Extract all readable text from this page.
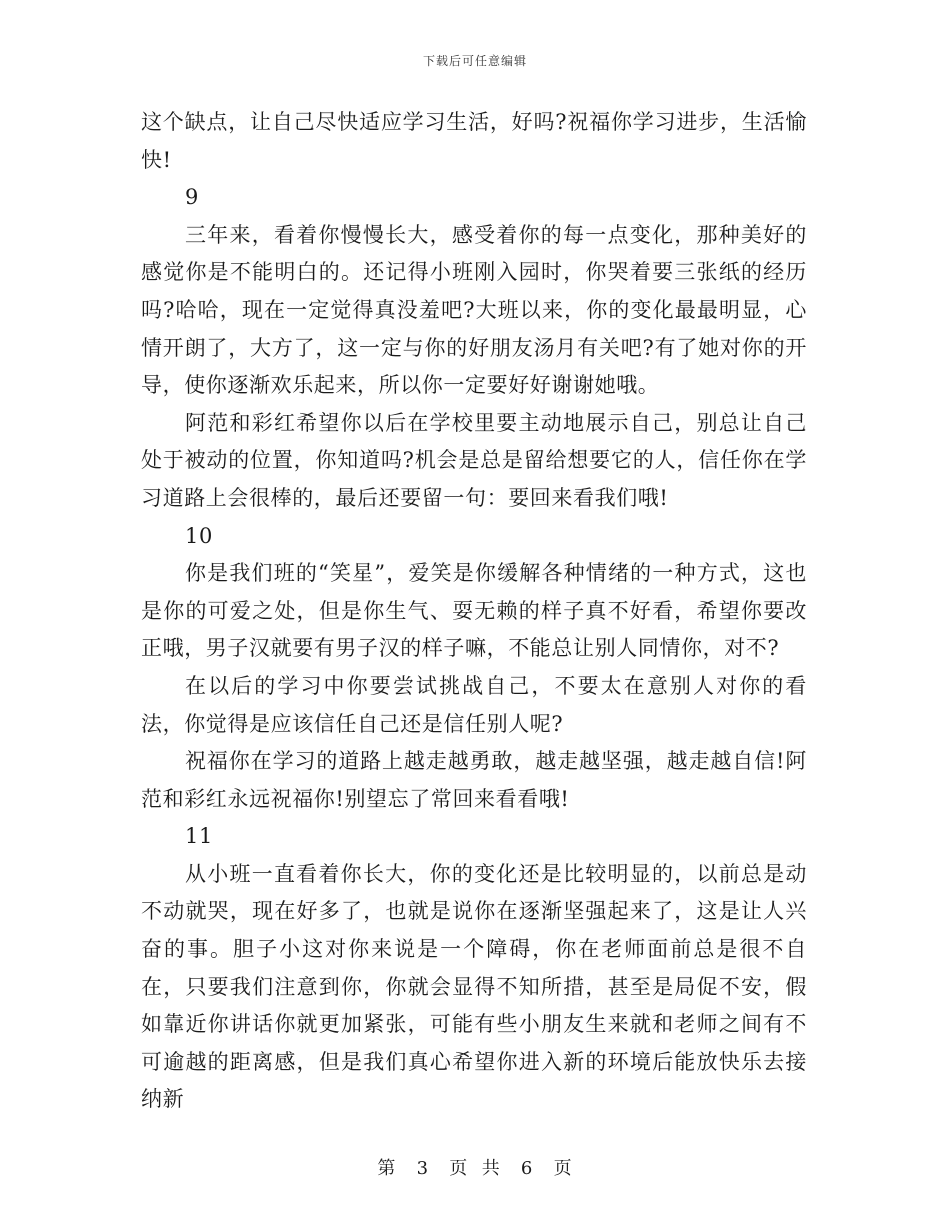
下载后可任意编辑

这个缺点，让自己尽快适应学习生活，好吗?祝福你学习进步，生活愉快!

9

三年来，看着你慢慢长大，感受着你的每一点变化，那种美好的感觉你是不能明白的。还记得小班刚入园时，你哭着要三张纸的经历吗?哈哈，现在一定觉得真没羞吧?大班以来，你的变化最最明显，心情开朗了，大方了，这一定与你的好朋友汤月有关吧?有了她对你的开导，使你逐渐欢乐起来，所以你一定要好好谢谢她哦。

阿范和彩红希望你以后在学校里要主动地展示自己，别总让自己处于被动的位置，你知道吗?机会是总是留给想要它的人，信任你在学习道路上会很棒的，最后还要留一句：要回来看我们哦!

10

你是我们班的“笑星”，爱笑是你缓解各种情绪的一种方式，这也是你的可爱之处，但是你生气、耍无赖的样子真不好看，希望你要改正哦，男子汉就要有男子汉的样子嘛，不能总让别人同情你，对不?

在以后的学习中你要尝试挑战自己，不要太在意别人对你的看法，你觉得是应该信任自己还是信任别人呢?

祝福你在学习的道路上越走越勇敢，越走越坚强，越走越自信!阿范和彩红永远祝福你!别望忘了常回来看看哦!

11

从小班一直看着你长大，你的变化还是比较明显的，以前总是动不动就哭，现在好多了，也就是说你在逐渐坚强起来了，这是让人兴奋的事。胆子小这对你来说是一个障碍，你在老师面前总是很不自在，只要我们注意到你，你就会显得不知所措，甚至是局促不安，假如靠近你讲话你就更加紧张，可能有些小朋友生来就和老师之间有不可逾越的距离感，但是我们真心希望你进入新的环境后能放快乐去接纳新

第 3 页  共 6 页
